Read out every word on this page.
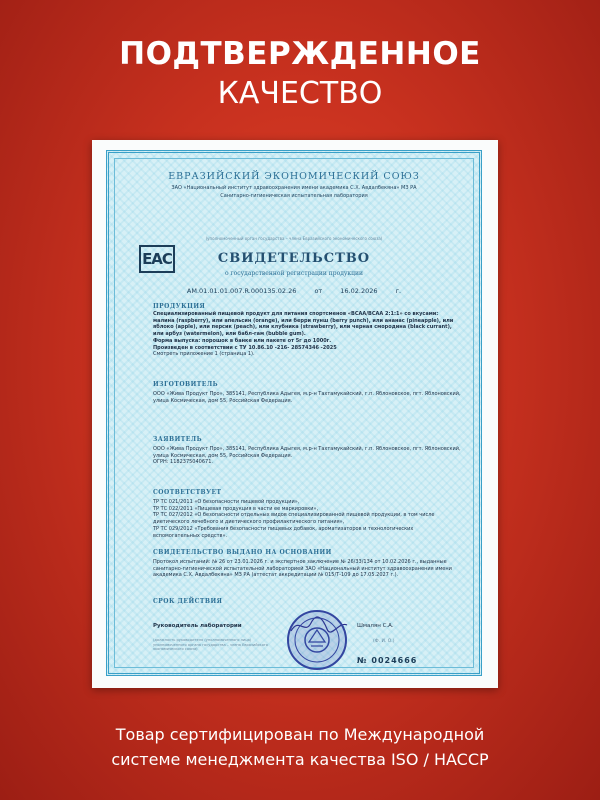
ПОДТВЕРЖДЕННОЕ
КАЧЕСТВО
ЕВРАЗИЙСКИЙ ЭКОНОМИЧЕСКИЙ СОЮЗ
ЗАО «Национальный институт здравоохранения имени академика С.Х. Авдалбекяна» МЗ РА
Санитарно-гигиеническая испытательная лаборатория
(уполномоченный орган государства – члена Евразийского экономического союза)
EAC	СВИДЕТЕЛЬСТВО
о государственной регистрации продукции
АМ.01.01.01.007.R.000135.02.26	от	16.02.2026	г.
ПРОДУКЦИЯ
Специализированный пищевой продукт для питания спортсменов «BCAA/ВСАА 2:1:1» со вкусами: малина (raspberry), или апельсин (orange), или берри пунш (berry punch), или ананас (pineapple), или яблоко (apple), или персик (peach), или клубника (strawberry), или черная смородина (black currant), или арбуз (watermelon), или бабл-гам (bubble gum).
Форма выпуска: порошок в банке или пакете от 5г до 1000г.
Произведен в соответствии с ТУ 10.86.10 -216- 28574346 -2025
Смотреть приложение 1 (страница 1).
ИЗГОТОВИТЕЛЬ
ООО «Жива Продукт Про», 385141, Республика Адыгея, м.р-н Тахтамукайский, г.п. Яблоновское, пгт. Яблоновский, улица Космическая, дом 55, Российская Федерация.
ЗАЯВИТЕЛЬ
ООО «Жива Продукт Про», 385141, Республика Адыгея, м.р-н Тахтамукайский, г.п. Яблоновское, пгт. Яблоновский, улица Космическая, дом 55, Российская Федерация.
ОГРН: 1182375040671.
СООТВЕТСТВУЕТ
ТР ТС 021/2011 «О безопасности пищевой продукции»,
ТР ТС 022/2011 «Пищевая продукция в части ее маркировки»,
ТР ТС 027/2012 «О безопасности отдельных видов специализированной пищевой продукции, в том числе диетического лечебного и диетического профилактического питания»,
ТР ТС 029/2012 «Требования безопасности пищевых добавок, ароматизаторов и технологических вспомогательных средств».
СВИДЕТЕЛЬСТВО ВЫДАНО НА ОСНОВАНИИ
Протокол испытаний: № 26 от 23.01.2026 г. и экспертное заключение № 26/33/134 от 10.02.2026 г., выданные санитарно-гигиенической испытательной лабораторией ЗАО «Национальный институт здравоохранения имени академика С.Х. Авдалбекяна» МЗ РА (аттестат аккредитации № 015/Т-109 до 17.05.2027 г.).
СРОК ДЕЙСТВИЯ
Руководитель лаборатории	Шмалян С.А.
(должность руководителя (уполномоченного лица) уполномоченного органа государства – члена Евразийского экономического союза)
(Ф. И. О.)
№ 0024666
Товар сертифицирован по Международной
системе менеджмента качества ISO / HACCP
